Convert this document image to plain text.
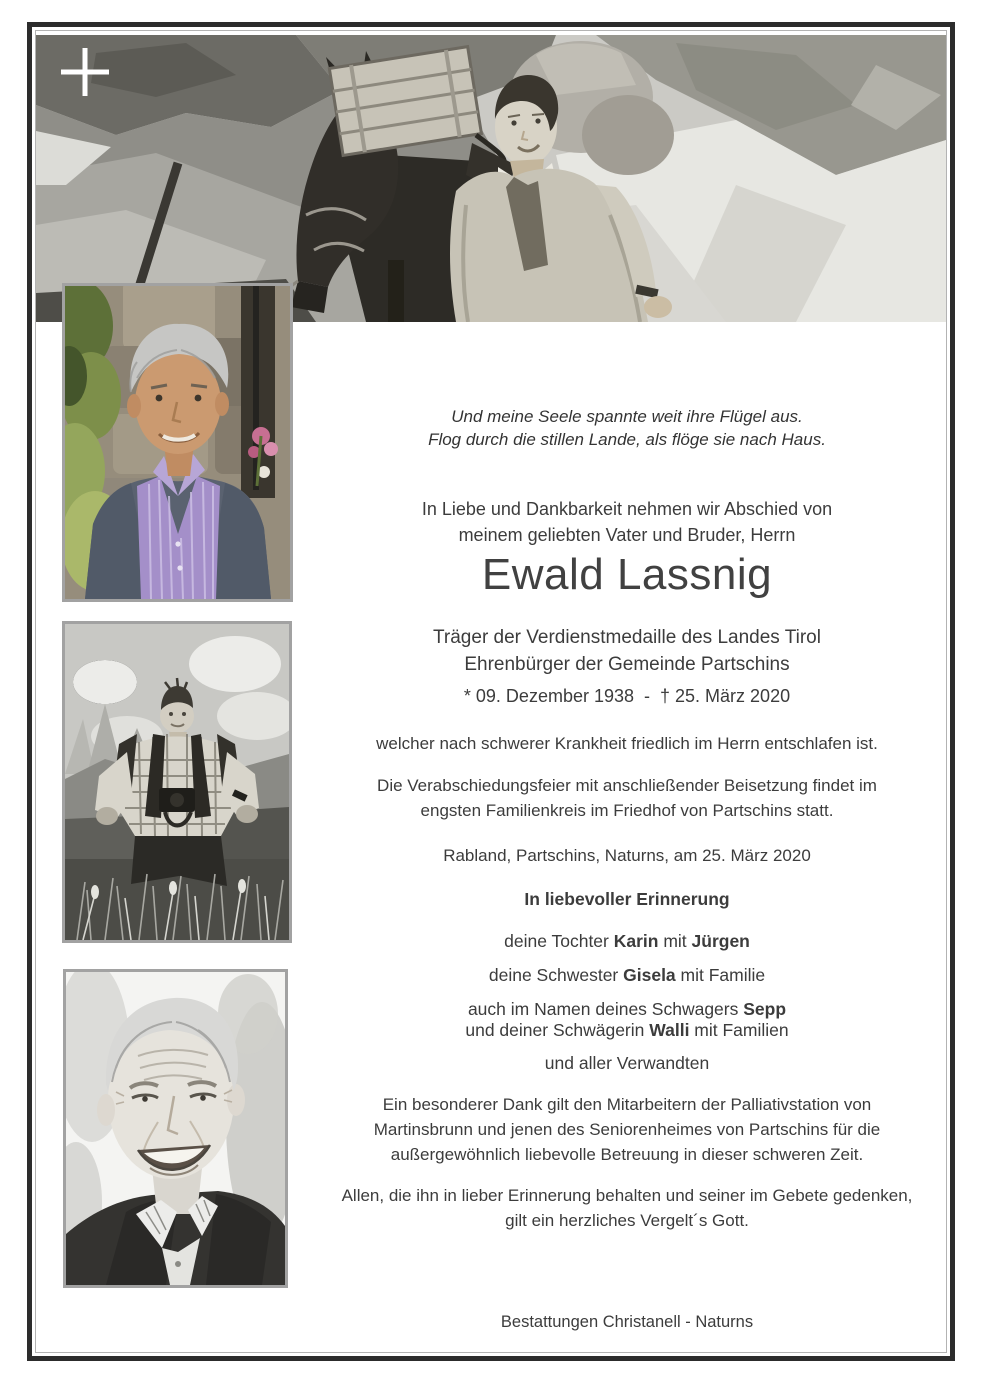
Und meine Seele spannte weit ihre Flügel aus.
Flog durch die stillen Lande, als flöge sie nach Haus.
In Liebe und Dankbarkeit nehmen wir Abschied von
meinem geliebten Vater und Bruder, Herrn
Ewald Lassnig
Träger der Verdienstmedaille des Landes Tirol
Ehrenbürger der Gemeinde Partschins
* 09. Dezember 1938  -  † 25. März 2020
welcher nach schwerer Krankheit friedlich im Herrn entschlafen ist.
Die Verabschiedungsfeier mit anschließender Beisetzung findet im
engsten Familienkreis im Friedhof von Partschins statt.
Rabland, Partschins, Naturns, am 25. März 2020
In liebevoller Erinnerung
deine Tochter Karin mit Jürgen
deine Schwester Gisela mit Familie
auch im Namen deines Schwagers Sepp
und deiner Schwägerin Walli mit Familien
und aller Verwandten
Ein besonderer Dank gilt den Mitarbeitern der Palliativstation von
Martinsbrunn und jenen des Seniorenheimes von Partschins für die
außergewöhnlich liebevolle Betreuung in dieser schweren Zeit.
Allen, die ihn in lieber Erinnerung behalten und seiner im Gebete gedenken,
gilt ein herzliches Vergelt´s Gott.
Bestattungen Christanell - Naturns
